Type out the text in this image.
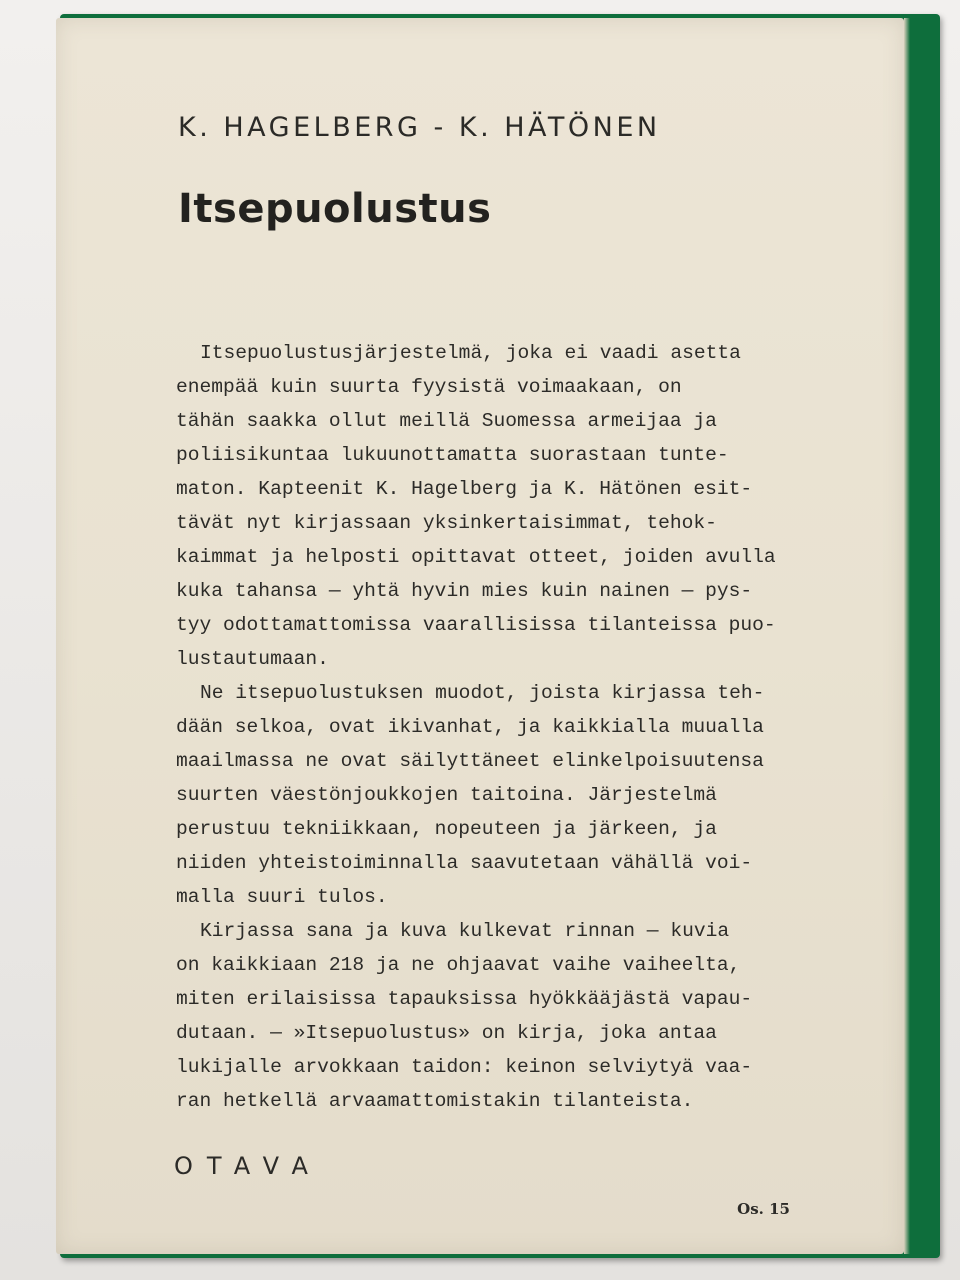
K. HAGELBERG - K. HÄTÖNEN
Itsepuolustus
Itsepuolustusjärjestelmä, joka ei vaadi asetta
enempää kuin suurta fyysistä voimaakaan, on
tähän saakka ollut meillä Suomessa armeijaa ja
poliisikuntaa lukuunottamatta suorastaan tunte-
maton. Kapteenit K. Hagelberg ja K. Hätönen esit-
tävät nyt kirjassaan yksinkertaisimmat, tehok-
kaimmat ja helposti opittavat otteet, joiden avulla
kuka tahansa — yhtä hyvin mies kuin nainen — pys-
tyy odottamattomissa vaarallisissa tilanteissa puo-
lustautumaan.
Ne itsepuolustuksen muodot, joista kirjassa teh-
dään selkoa, ovat ikivanhat, ja kaikkialla muualla
maailmassa ne ovat säilyttäneet elinkelpoisuutensa
suurten väestönjoukkojen taitoina. Järjestelmä
perustuu tekniikkaan, nopeuteen ja järkeen, ja
niiden yhteistoiminnalla saavutetaan vähällä voi-
malla suuri tulos.
Kirjassa sana ja kuva kulkevat rinnan — kuvia
on kaikkiaan 218 ja ne ohjaavat vaihe vaiheelta,
miten erilaisissa tapauksissa hyökkääjästä vapau-
dutaan. — »Itsepuolustus» on kirja, joka antaa
lukijalle arvokkaan taidon: keinon selviytyä vaa-
ran hetkellä arvaamattomistakin tilanteista.
OTAVA
Os. 15
